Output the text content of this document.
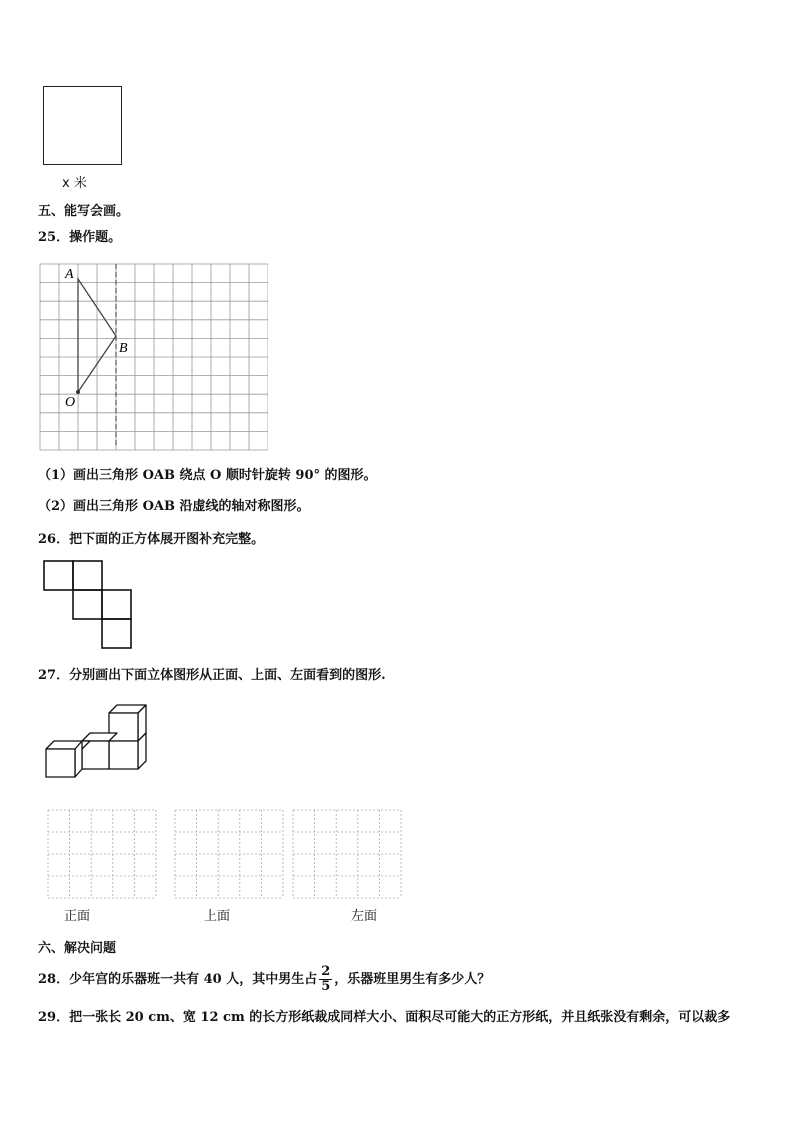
x 米
五、能写会画。
25．操作题。
A
B
O
（1）画出三角形 OAB 绕点 O 顺时针旋转 90° 的图形。
（2）画出三角形 OAB 沿虚线的轴对称图形。
26．把下面的正方体展开图补充完整。
27．分别画出下面立体图形从正面、上面、左面看到的图形.
正面	上面	左面
六、解决问题
28．少年宫的乐器班一共有 40 人，其中男生占 $\frac{2}{5}$ ，乐器班里男生有多少人？
29．把一张长 20 cm、宽 12 cm 的长方形纸裁成同样大小、面积尽可能大的正方形纸，并且纸张没有剩余，可以裁多
